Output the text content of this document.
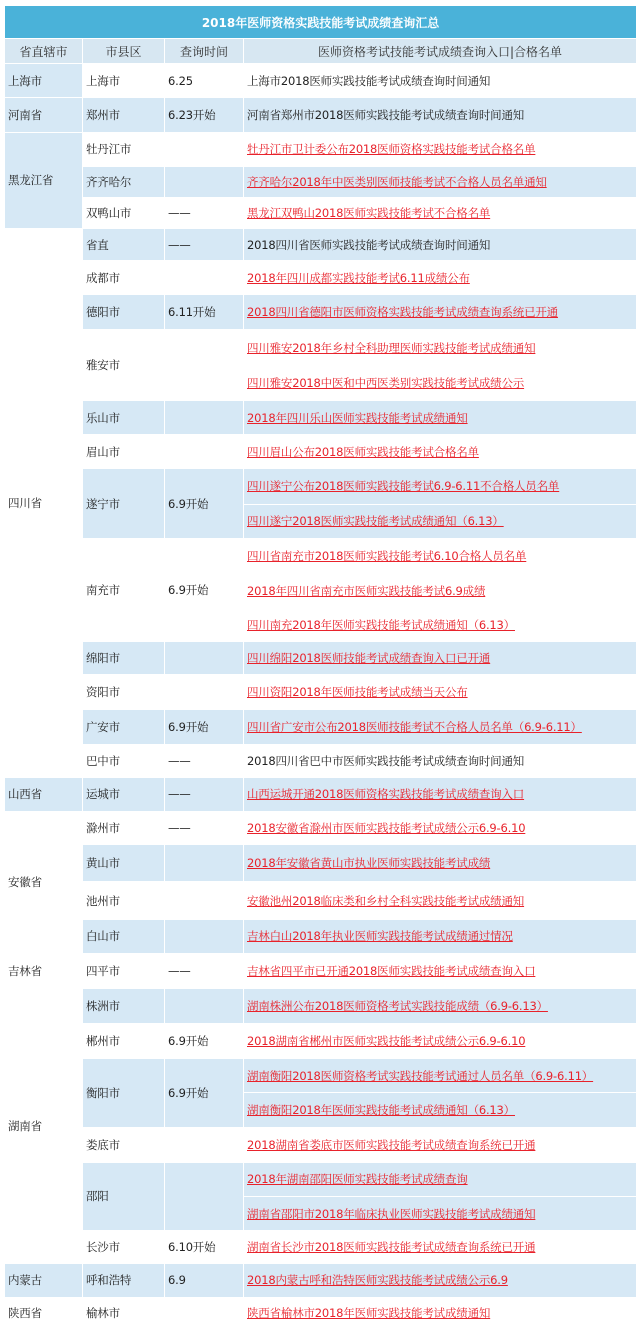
2018年医师资格实践技能考试成绩查询汇总			
省直辖市	市县区	查询时间	医师资格考试技能考试成绩查询入口|合格名单
上海市	上海市	6.25	上海市2018医师实践技能考试成绩查询时间通知
河南省	郑州市	6.23开始	河南省郑州市2018医师实践技能考试成绩查询时间通知
黑龙江省	牡丹江市		牡丹江市卫计委公布2018医师资格实践技能考试合格名单
	齐齐哈尔		齐齐哈尔2018年中医类别医师技能考试不合格人员名单通知
	双鸭山市	——	黑龙江双鸭山2018医师实践技能考试不合格名单
四川省	省直	——	2018四川省医师实践技能考试成绩查询时间通知
	成都市		2018年四川成都实践技能考试6.11成绩公布
	德阳市	6.11开始	2018四川省德阳市医师资格实践技能考试成绩查询系统已开通
	雅安市		四川雅安2018年乡村全科助理医师实践技能考试成绩通知
			四川雅安2018中医和中西医类别实践技能考试成绩公示
	乐山市		2018年四川乐山医师实践技能考试成绩通知
	眉山市		四川眉山公布2018医师实践技能考试合格名单
	遂宁市	6.9开始	四川遂宁公布2018医师实践技能考试6.9-6.11不合格人员名单
			四川遂宁2018医师实践技能考试成绩通知（6.13）
	南充市	6.9开始	四川省南充市2018医师实践技能考试6.10合格人员名单
			2018年四川省南充市医师实践技能考试6.9成绩
			四川南充2018年医师实践技能考试成绩通知（6.13）
	绵阳市		四川绵阳2018医师技能考试成绩查询入口已开通
	资阳市		四川资阳2018年医师技能考试成绩当天公布
	广安市	6.9开始	四川省广安市公布2018医师技能考试不合格人员名单（6.9-6.11）
	巴中市	——	2018四川省巴中市医师实践技能考试成绩查询时间通知
山西省	运城市	——	山西运城开通2018医师资格实践技能考试成绩查询入口
安徽省	滁州市	——	2018安徽省滁州市医师实践技能考试成绩公示6.9-6.10
	黄山市		2018年安徽省黄山市执业医师实践技能考试成绩
	池州市		安徽池州2018临床类和乡村全科实践技能考试成绩通知
	白山市		吉林白山2018年执业医师实践技能考试成绩通过情况
吉林省	四平市	——	吉林省四平市已开通2018医师实践技能考试成绩查询入口
湖南省	株洲市		湖南株洲公布2018医师资格考试实践技能成绩（6.9-6.13）
	郴州市	6.9开始	2018湖南省郴州市医师实践技能考试成绩公示6.9-6.10
	衡阳市	6.9开始	湖南衡阳2018医师资格考试实践技能考试通过人员名单（6.9-6.11）
			湖南衡阳2018年医师实践技能考试成绩通知（6.13）
	娄底市		2018湖南省娄底市医师实践技能考试成绩查询系统已开通
	邵阳		2018年湖南邵阳医师实践技能考试成绩查询
			湖南省邵阳市2018年临床执业医师实践技能考试成绩通知
	长沙市	6.10开始	湖南省长沙市2018医师实践技能考试成绩查询系统已开通
内蒙古	呼和浩特	6.9	2018内蒙古呼和浩特医师实践技能考试成绩公示6.9
陕西省	榆林市		陕西省榆林市2018年医师实践技能考试成绩通知
